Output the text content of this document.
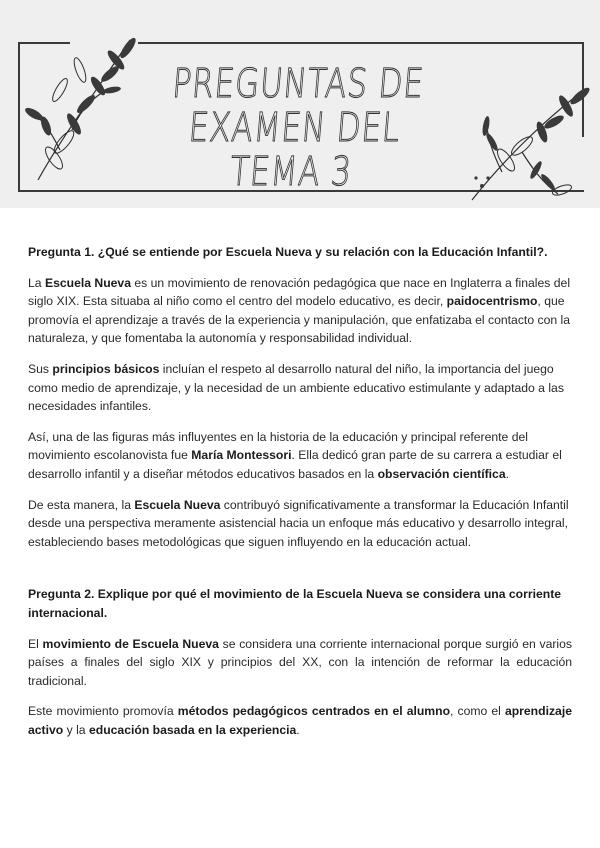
PREGUNTAS DE
EXAMEN DEL TEMA 3

Pregunta 1. ¿Qué se entiende por Escuela Nueva y su relación con la Educación Infantil?.

La Escuela Nueva es un movimiento de renovación pedagógica que nace en Inglaterra a finales del siglo XIX. Esta situaba al niño como el centro del modelo educativo, es decir, paidocentrismo, que promovía el aprendizaje a través de la experiencia y manipulación, que enfatizaba el contacto con la naturaleza, y que fomentaba la autonomía y responsabilidad individual.

Sus principios básicos incluían el respeto al desarrollo natural del niño, la importancia del juego como medio de aprendizaje, y la necesidad de un ambiente educativo estimulante y adaptado a las necesidades infantiles.

Así, una de las figuras más influyentes en la historia de la educación y principal referente del movimiento escolanovista fue María Montessori. Ella dedicó gran parte de su carrera a estudiar el desarrollo infantil y a diseñar métodos educativos basados en la observación científica.

De esta manera, la Escuela Nueva contribuyó significativamente a transformar la Educación Infantil desde una perspectiva meramente asistencial hacia un enfoque más educativo y desarrollo integral, estableciendo bases metodológicas que siguen influyendo en la educación actual.

Pregunta 2. Explique por qué el movimiento de la Escuela Nueva se considera una corriente internacional.

El movimiento de Escuela Nueva se considera una corriente internacional porque surgió en varios países a finales del siglo XIX y principios del XX, con la intención de reformar la educación tradicional.

Este movimiento promovía métodos pedagógicos centrados en el alumno, como el aprendizaje activo y la educación basada en la experiencia.
